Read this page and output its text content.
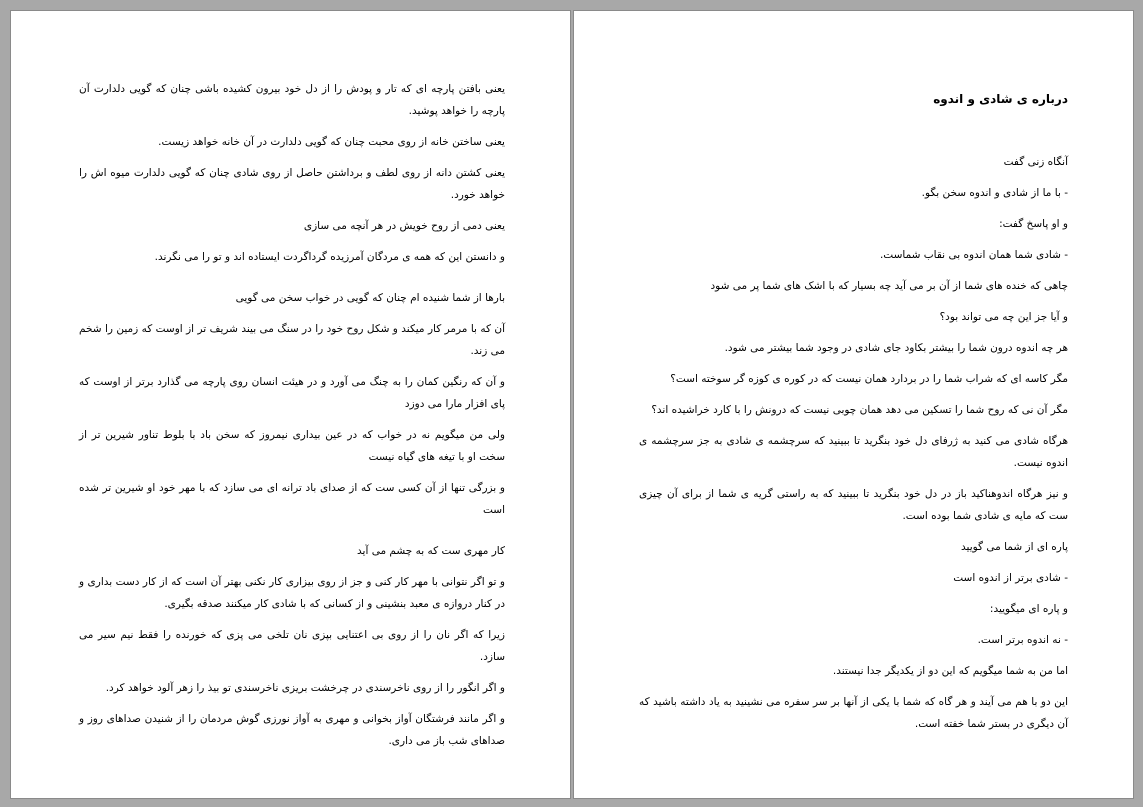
یعنی بافتن پارچه ای که تار و پودش را از دل خود بیرون کشیده باشی چنان که گویی دلدارت آن پارچه را خواهد پوشید.

یعنی ساختن خانه از روی محبت چنان که گویی دلدارت در آن خانه خواهد زیست.

یعنی کشتن دانه از روی لطف و برداشتن حاصل از روی شادی چنان که گویی دلدارت میوه اش را خواهد خورد.

یعنی دمی از روح خویش در هر آنچه می سازی

و دانستن این که همه ی مردگان آمرزیده گرداگردت ایستاده اند و تو را می نگرند.

بارها از شما شنیده ام چنان که گویی در خواب سخن می گویی

آن که با مرمر کار میکند و شکل روح خود را در سنگ می بیند شریف تر از اوست که زمین را شخم می زند.

و آن که رنگین کمان را به چنگ می آورد و در هیئت انسان روی پارچه می گذارد برتر از اوست که پای افزار مارا می دوزد

ولی من میگویم نه در خواب که در عین بیداری نیمروز که سخن باد با بلوط تناور شیرین تر از سخت او با تیغه های گیاه نیست

و بزرگی تنها از آن کسی ست که از صدای باد ترانه ای می سازد که با مهر خود او شیرین تر شده است

کار مهری ست که به چشم می آید

و تو اگر نتوانی با مهر کار کنی و جز از روی بیزاری کار نکنی بهتر آن است که از کار دست بداری و در کنار دروازه ی معبد بنشینی و از کسانی که با شادی کار میکنند صدقه بگیری.

زیرا که اگر نان را از روی بی اعتنایی بپزی نان تلخی می پزی که خورنده را فقط نیم سیر می سازد.

و اگر انگور را از روی ناخرسندی در چرخشت بریزی ناخرسندی تو بیذ را زهر آلود خواهد کرد.

و اگر مانند فرشتگان آواز بخوانی و مهری به آواز نورزی گوش مردمان را از شنیدن صداهای روز و صداهای شب باز می داری.

درباره ی شادی و اندوه

آنگاه زنی گفت

- با ما از شادی و اندوه سخن بگو.

و او پاسخ گفت:

- شادی شما همان اندوه بی نقاب شماست.

چاهی که خنده های شما از آن بر می آید چه بسیار که با اشک های شما پر می شود

و آیا جز این چه می تواند بود؟

هر چه اندوه درون شما را بیشتر بکاود جای شادی در وجود شما بیشتر می شود.

مگر کاسه ای که شراب شما را در بردارد همان نیست که در کوره ی کوزه گر سوخته است؟

مگر آن نی که روح شما را تسکین می دهد همان چوبی نیست که درونش را با کارد خراشیده اند؟

هرگاه شادی می کنید به ژرفای دل خود بنگرید تا ببینید که سرچشمه ی شادی به جز سرچشمه ی اندوه نیست.

و نیز هرگاه اندوهناکید باز در دل خود بنگرید تا ببینید که به راستی گریه ی شما از برای آن چیزی ست که مایه ی شادی شما بوده است.

پاره ای از شما می گویید

- شادی برتر از اندوه است

و پاره ای میگویید:

- نه اندوه برتر است.

اما من به شما میگویم که این دو از یکدیگر جدا نیستند.

این دو با هم می آیند و هر گاه که شما با یکی از آنها بر سر سفره می نشینید به یاد داشته باشید که آن دیگری در بستر شما خفته است.
